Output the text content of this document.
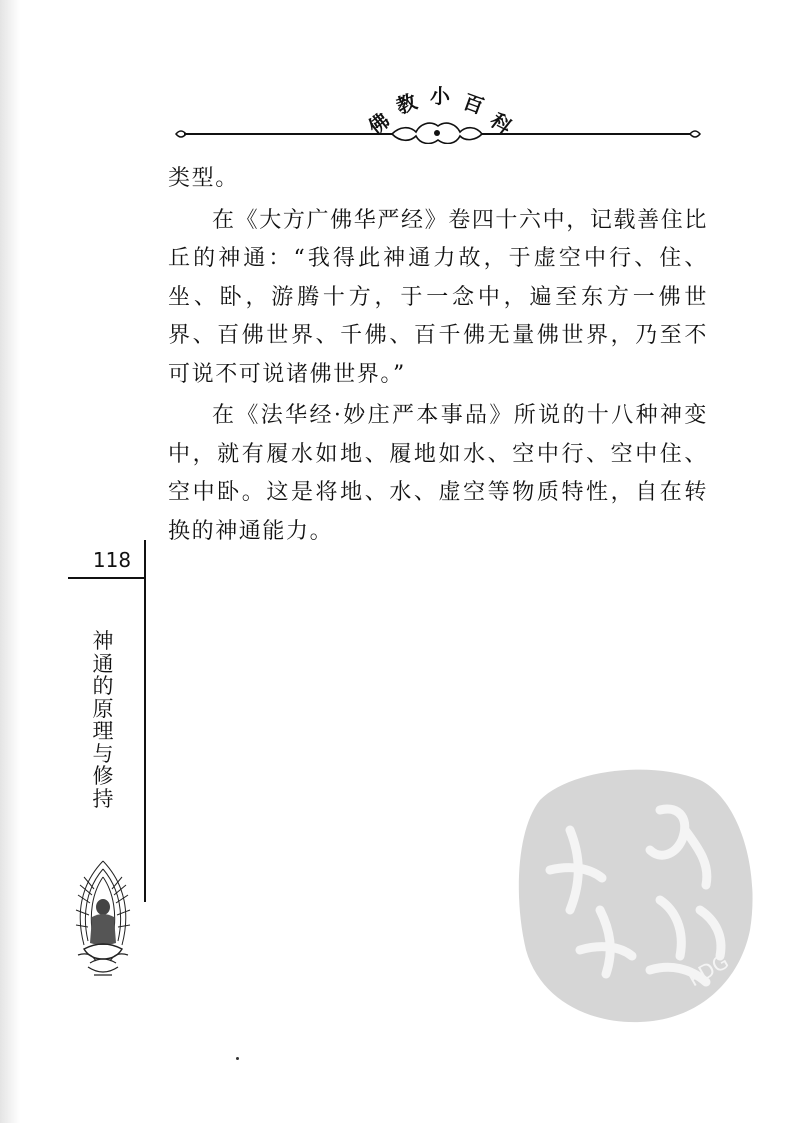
佛
教 小 百
科

类型。

在《大方广佛华严经》卷四十六中，记载善住比丘的神通：“我得此神通力故，于虚空中行、住、坐、卧，游腾十方，于一念中，遍至东方一佛世界、百佛世界、千佛、百千佛无量佛世界，乃至不可说不可说诸佛世界。”

在《法华经·妙庄严本事品》所说的十八种神变中，就有履水如地、履地如水、空中行、空中住、空中卧。这是将地、水、虚空等物质特性，自在转换的神通能力。

118
神通的原理与修持
PDG
